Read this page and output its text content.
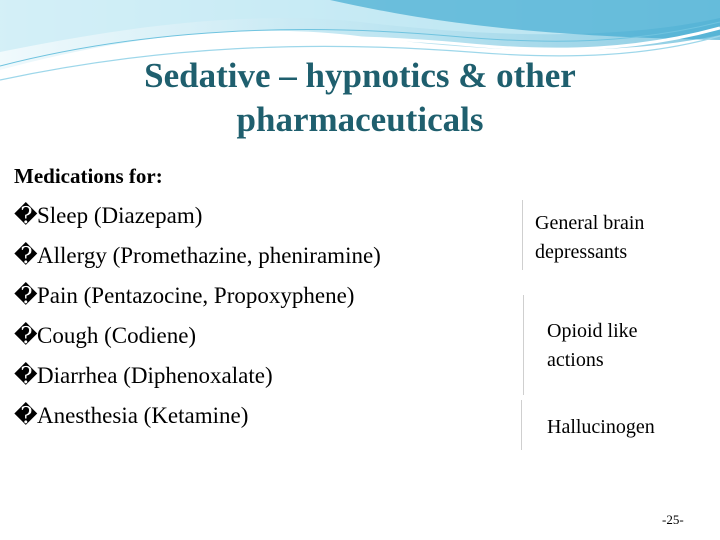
Sedative – hypnotics & other pharmaceuticals

Medications for:

�Sleep (Diazepam)
�Allergy (Promethazine, pheniramine)
�Pain (Pentazocine, Propoxyphene)
�Cough (Codiene)
�Diarrhea (Diphenoxalate)
�Anesthesia (Ketamine)
General brain depressants
Opioid like actions
Hallucinogen
-25-
